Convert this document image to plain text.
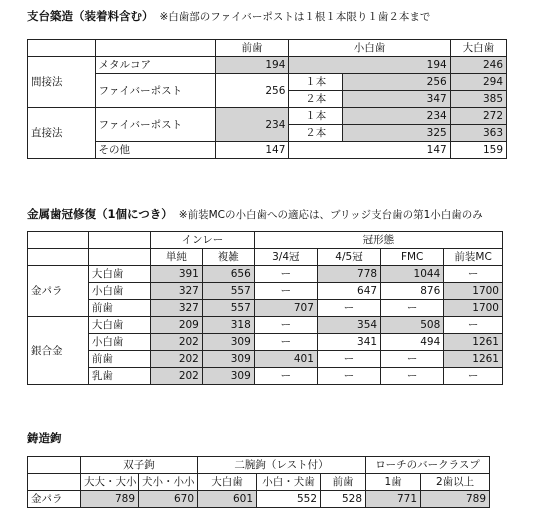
支台築造（装着料含む） ※白歯部のファイバーポストは１根１本限り１歯２本まで
		前歯	小白歯		大白歯
間接法	メタルコア	194	194		246
	ファイバーポスト	256	１本	256	294
			２本	347	385
直接法	ファイバーポスト	234	１本	234	272
			２本	325	363
	その他	147	147		159
金属歯冠修復（1個につき） ※前装MCの小白歯への適応は、ブリッジ支台歯の第1小白歯のみ
		インレー		冠形態			
		単純	複雑	3/4冠	4/5冠	FMC	前装MC
金パラ	大白歯	391	656	ー	778	1044	ー
	小白歯	327	557	ー	647	876	1700
	前歯	327	557	707	ー	ー	1700
銀合金	大白歯	209	318	ー	354	508	ー
	小白歯	202	309	ー	341	494	1261
	前歯	202	309	401	ー	ー	1261
	乳歯	202	309	ー	ー	ー	ー
鋳造鉤
	双子鉤		二腕鉤（レスト付）			ローチのバークラスプ	
	大大・大小	犬小・小小	大白歯	小白・犬歯	前歯	1歯	2歯以上
金パラ	789	670	601	552	528	771	789
